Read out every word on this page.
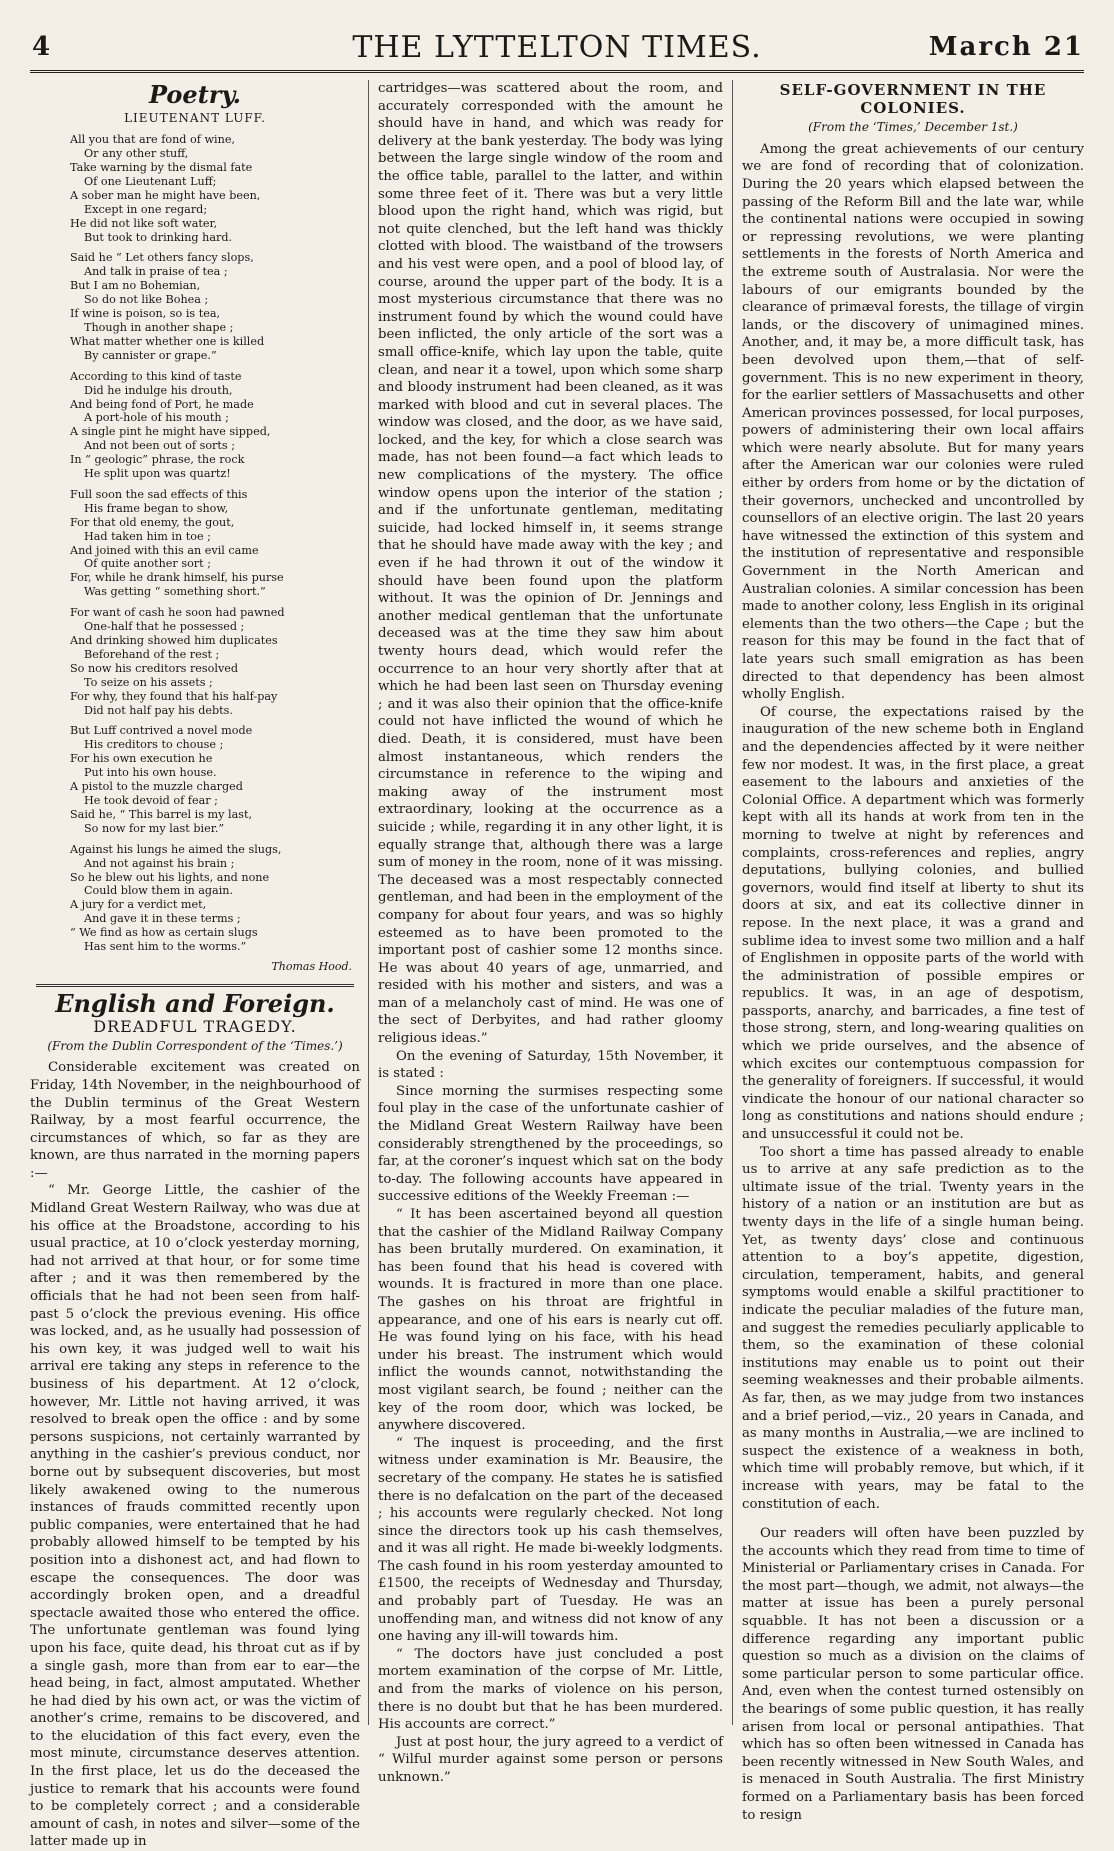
4	THE LYTTELTON TIMES.	March 21
Poetry.
LIEUTENANT LUFF.
All you that are fond of wine,
Or any other stuff,
Take warning by the dismal fate
Of one Lieutenant Luff;
A sober man he might have been,
Except in one regard;
He did not like soft water,
But took to drinking hard.
Said he “ Let others fancy slops,
And talk in praise of tea ;
But I am no Bohemian,
So do not like Bohea ;
If wine is poison, so is tea,
Though in another shape ;
What matter whether one is killed
By cannister or grape.”
According to this kind of taste
Did he indulge his drouth,
And being fond of Port, he made
A port-hole of his mouth ;
A single pint he might have sipped,
And not been out of sorts ;
In “ geologic” phrase, the rock
He split upon was quartz!
Full soon the sad effects of this
His frame began to show,
For that old enemy, the gout,
Had taken him in toe ;
And joined with this an evil came
Of quite another sort ;
For, while he drank himself, his purse
Was getting “ something short.”
For want of cash he soon had pawned
One-half that he possessed ;
And drinking showed him duplicates
Beforehand of the rest ;
So now his creditors resolved
To seize on his assets ;
For why, they found that his half-pay
Did not half pay his debts.
But Luff contrived a novel mode
His creditors to chouse ;
For his own execution he
Put into his own house.
A pistol to the muzzle charged
He took devoid of fear ;
Said he, “ This barrel is my last,
So now for my last bier.”
Against his lungs he aimed the slugs,
And not against his brain ;
So he blew out his lights, and none
Could blow them in again.
A jury for a verdict met,
And gave it in these terms ;
“ We find as how as certain slugs
Has sent him to the worms.”
Thomas Hood.
English and Foreign.
DREADFUL TRAGEDY.
(From the Dublin Correspondent of the ‘Times.’)

Considerable excitement was created on Friday, 14th November, in the neighbourhood of the Dublin terminus of the Great Western Railway, by a most fearful occurrence, the circumstances of which, so far as they are known, are thus narrated in the morning papers :—

“ Mr. George Little, the cashier of the Midland Great Western Railway, who was due at his office at the Broadstone, according to his usual practice, at 10 o’clock yesterday morning, had not arrived at that hour, or for some time after ; and it was then remembered by the officials that he had not been seen from half-past 5 o’clock the previous evening. His office was locked, and, as he usually had possession of his own key, it was judged well to wait his arrival ere taking any steps in reference to the business of his department. At 12 o’clock, however, Mr. Little not having arrived, it was resolved to break open the office : and by some persons suspicions, not certainly warranted by anything in the cashier’s previous conduct, nor borne out by subsequent discoveries, but most likely awakened owing to the numerous instances of frauds committed recently upon public companies, were entertained that he had probably allowed himself to be tempted by his position into a dishonest act, and had flown to escape the consequences. The door was accordingly broken open, and a dreadful spectacle awaited those who entered the office. The unfortunate gentleman was found lying upon his face, quite dead, his throat cut as if by a single gash, more than from ear to ear—the head being, in fact, almost amputated. Whether he had died by his own act, or was the victim of another’s crime, remains to be discovered, and to the elucidation of this fact every, even the most minute, circumstance deserves attention. In the first place, let us do the deceased the justice to remark that his accounts were found to be completely correct ; and a considerable amount of cash, in notes and silver—some of the latter made up in

cartridges—was scattered about the room, and accurately corresponded with the amount he should have in hand, and which was ready for delivery at the bank yesterday. The body was lying between the large single window of the room and the office table, parallel to the latter, and within some three feet of it. There was but a very little blood upon the right hand, which was rigid, but not quite clenched, but the left hand was thickly clotted with blood. The waistband of the trowsers and his vest were open, and a pool of blood lay, of course, around the upper part of the body. It is a most mysterious circumstance that there was no instrument found by which the wound could have been inflicted, the only article of the sort was a small office-knife, which lay upon the table, quite clean, and near it a towel, upon which some sharp and bloody instrument had been cleaned, as it was marked with blood and cut in several places. The window was closed, and the door, as we have said, locked, and the key, for which a close search was made, has not been found—a fact which leads to new complications of the mystery. The office window opens upon the interior of the station ; and if the unfortunate gentleman, meditating suicide, had locked himself in, it seems strange that he should have made away with the key ; and even if he had thrown it out of the window it should have been found upon the platform without. It was the opinion of Dr. Jennings and another medical gentleman that the unfortunate deceased was at the time they saw him about twenty hours dead, which would refer the occurrence to an hour very shortly after that at which he had been last seen on Thursday evening ; and it was also their opinion that the office-knife could not have inflicted the wound of which he died. Death, it is considered, must have been almost instantaneous, which renders the circumstance in reference to the wiping and making away of the instrument most extraordinary, looking at the occurrence as a suicide ; while, regarding it in any other light, it is equally strange that, although there was a large sum of money in the room, none of it was missing. The deceased was a most respectably connected gentleman, and had been in the employment of the company for about four years, and was so highly esteemed as to have been promoted to the important post of cashier some 12 months since. He was about 40 years of age, unmarried, and resided with his mother and sisters, and was a man of a melancholy cast of mind. He was one of the sect of Derbyites, and had rather gloomy religious ideas.”

On the evening of Saturday, 15th November, it is stated :

Since morning the surmises respecting some foul play in the case of the unfortunate cashier of the Midland Great Western Railway have been considerably strengthened by the proceedings, so far, at the coroner’s inquest which sat on the body to-day. The following accounts have appeared in successive editions of the Weekly Freeman :—

“ It has been ascertained beyond all question that the cashier of the Midland Railway Company has been brutally murdered. On examination, it has been found that his head is covered with wounds. It is fractured in more than one place. The gashes on his throat are frightful in appearance, and one of his ears is nearly cut off. He was found lying on his face, with his head under his breast. The instrument which would inflict the wounds cannot, notwithstanding the most vigilant search, be found ; neither can the key of the room door, which was locked, be anywhere discovered.

“ The inquest is proceeding, and the first witness under examination is Mr. Beausire, the secretary of the company. He states he is satisfied there is no defalcation on the part of the deceased ; his accounts were regularly checked. Not long since the directors took up his cash themselves, and it was all right. He made bi-weekly lodgments. The cash found in his room yesterday amounted to £1500, the receipts of Wednesday and Thursday, and probably part of Tuesday. He was an unoffending man, and witness did not know of any one having any ill-will towards him.

“ The doctors have just concluded a post mortem examination of the corpse of Mr. Little, and from the marks of violence on his person, there is no doubt but that he has been murdered. His accounts are correct.”

Just at post hour, the jury agreed to a verdict of “ Wilful murder against some person or persons unknown.”

SELF-GOVERNMENT IN THE COLONIES.
(From the ‘Times,’ December 1st.)

Among the great achievements of our century we are fond of recording that of colonization. During the 20 years which elapsed between the passing of the Reform Bill and the late war, while the continental nations were occupied in sowing or repressing revolutions, we were planting settlements in the forests of North America and the extreme south of Australasia. Nor were the labours of our emigrants bounded by the clearance of primæval forests, the tillage of virgin lands, or the discovery of unimagined mines. Another, and, it may be, a more difficult task, has been devolved upon them,—that of self-government. This is no new experiment in theory, for the earlier settlers of Massachusetts and other American provinces possessed, for local purposes, powers of administering their own local affairs which were nearly absolute. But for many years after the American war our colonies were ruled either by orders from home or by the dictation of their governors, unchecked and uncontrolled by counsellors of an elective origin. The last 20 years have witnessed the extinction of this system and the institution of representative and responsible Government in the North American and Australian colonies. A similar concession has been made to another colony, less English in its original elements than the two others—the Cape ; but the reason for this may be found in the fact that of late years such small emigration as has been directed to that dependency has been almost wholly English.

Of course, the expectations raised by the inauguration of the new scheme both in England and the dependencies affected by it were neither few nor modest. It was, in the first place, a great easement to the labours and anxieties of the Colonial Office. A department which was formerly kept with all its hands at work from ten in the morning to twelve at night by references and complaints, cross-references and replies, angry deputations, bullying colonies, and bullied governors, would find itself at liberty to shut its doors at six, and eat its collective dinner in repose. In the next place, it was a grand and sublime idea to invest some two million and a half of Englishmen in opposite parts of the world with the administration of possible empires or republics. It was, in an age of despotism, passports, anarchy, and barricades, a fine test of those strong, stern, and long-wearing qualities on which we pride ourselves, and the absence of which excites our contemptuous compassion for the generality of foreigners. If successful, it would vindicate the honour of our national character so long as constitutions and nations should endure ; and unsuccessful it could not be.

Too short a time has passed already to enable us to arrive at any safe prediction as to the ultimate issue of the trial. Twenty years in the history of a nation or an institution are but as twenty days in the life of a single human being. Yet, as twenty days’ close and continuous attention to a boy’s appetite, digestion, circulation, temperament, habits, and general symptoms would enable a skilful practitioner to indicate the peculiar maladies of the future man, and suggest the remedies peculiarly applicable to them, so the examination of these colonial institutions may enable us to point out their seeming weaknesses and their probable ailments. As far, then, as we may judge from two instances and a brief period,—viz., 20 years in Canada, and as many months in Australia,—we are inclined to suspect the existence of a weakness in both, which time will probably remove, but which, if it increase with years, may be fatal to the constitution of each.

Our readers will often have been puzzled by the accounts which they read from time to time of Ministerial or Parliamentary crises in Canada. For the most part—though, we admit, not always—the matter at issue has been a purely personal squabble. It has not been a discussion or a difference regarding any important public question so much as a division on the claims of some particular person to some particular office. And, even when the contest turned ostensibly on the bearings of some public question, it has really arisen from local or personal antipathies. That which has so often been witnessed in Canada has been recently witnessed in New South Wales, and is menaced in South Australia. The first Ministry formed on a Parliamentary basis has been forced to resign
